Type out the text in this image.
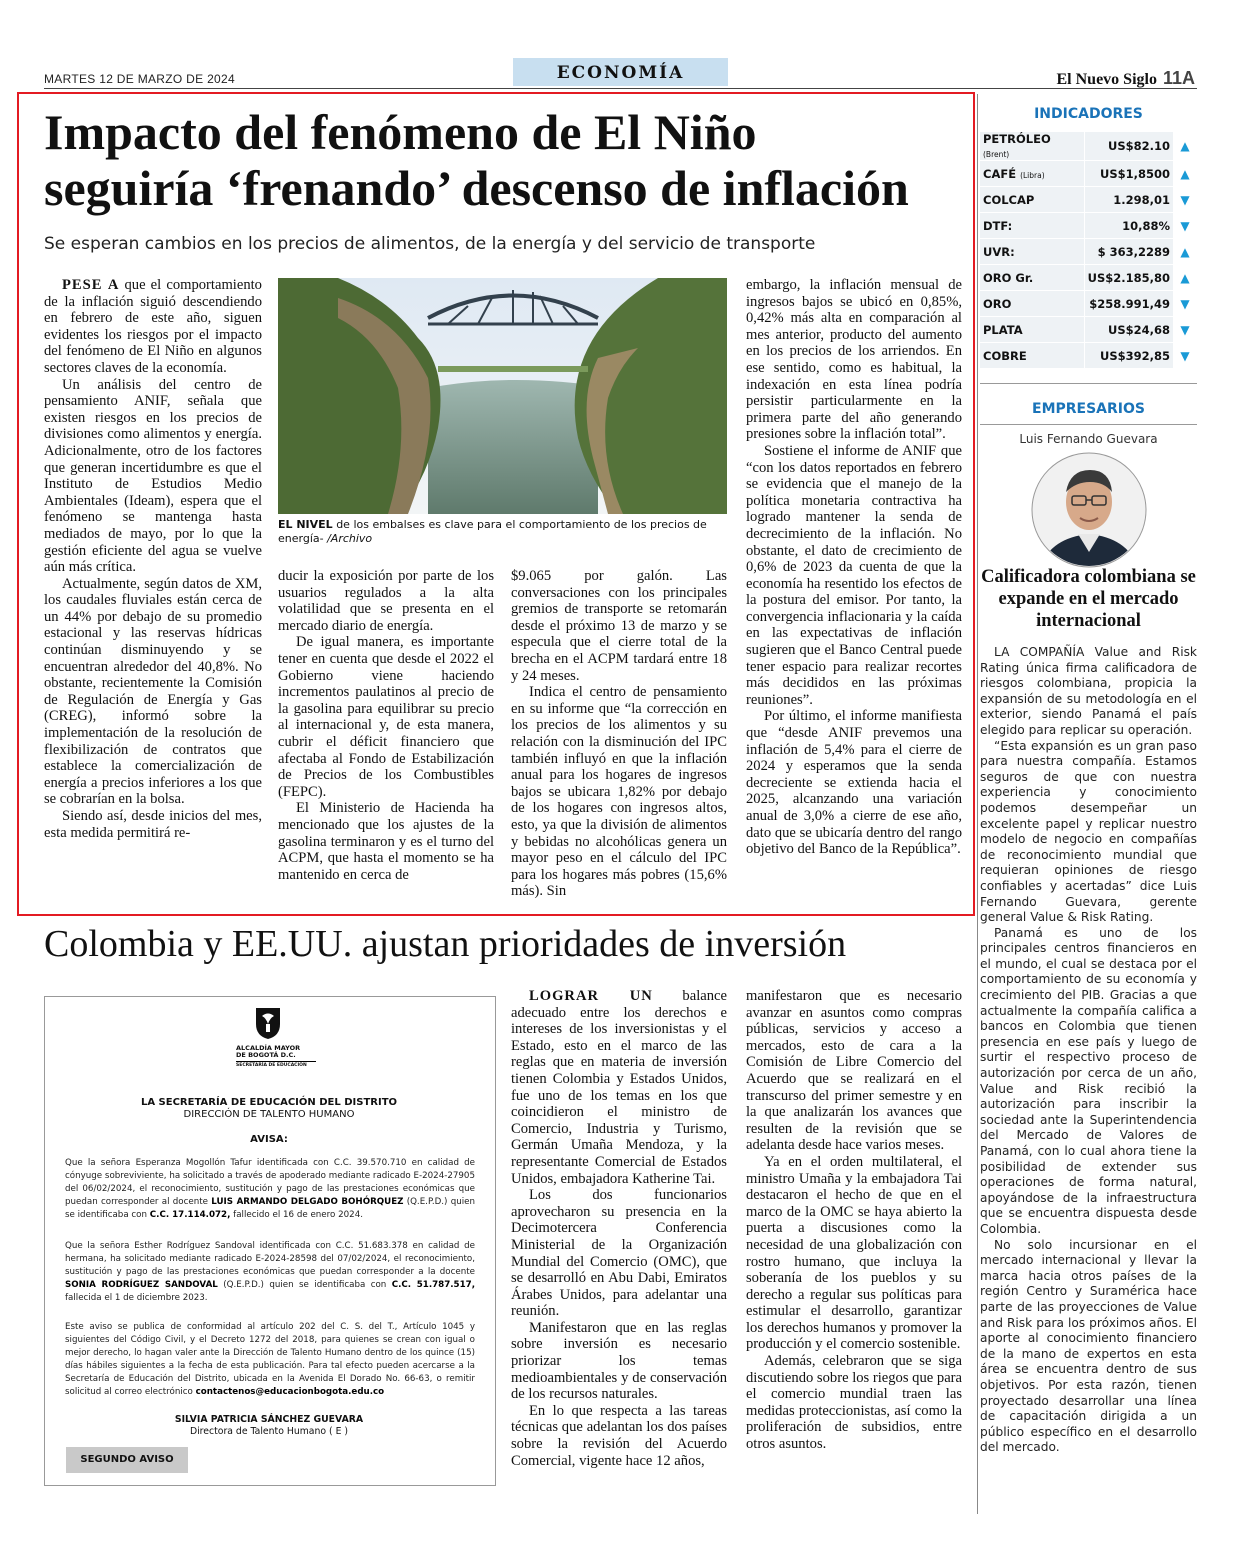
MARTES 12 DE MARZO DE 2024	ECONOMÍA	El Nuevo Siglo 11A
Impacto del fenómeno de El Niño
seguiría ‘frenando’ descenso de inflación
Se esperan cambios en los precios de alimentos, de la energía y del servicio de transporte

PESE A que el comportamiento de la inflación siguió descendiendo en febrero de este año, siguen evidentes los riesgos por el impacto del fenómeno de El Niño en algunos sectores claves de la economía.

Un análisis del centro de pensamiento ANIF, señala que existen riesgos en los precios de divisiones como alimentos y energía. Adicionalmente, otro de los factores que generan incertidumbre es que el Instituto de Estudios Medio Ambientales (Ideam), espera que el fenómeno se mantenga hasta mediados de mayo, por lo que la gestión eficiente del agua se vuelve aún más crítica.

Actualmente, según datos de XM, los caudales fluviales están cerca de un 44% por debajo de su promedio estacional y las reservas hídricas continúan disminuyendo y se encuentran alrededor del 40,8%. No obstante, recientemente la Comisión de Regulación de Energía y Gas (CREG), informó sobre la implementación de la resolución de flexibilización de contratos que establece la comercialización de energía a precios inferiores a los que se cobrarían en la bolsa.

Siendo así, desde inicios del mes, esta medida permitirá re-

EL NIVEL de los embalses es clave para el comportamiento de los precios de energía- /Archivo

ducir la exposición por parte de los usuarios regulados a la alta volatilidad que se presenta en el mercado diario de energía.

De igual manera, es importante tener en cuenta que desde el 2022 el Gobierno viene haciendo incrementos paulatinos al precio de la gasolina para equilibrar su precio al internacional y, de esta manera, cubrir el déficit financiero que afectaba al Fondo de Estabilización de Precios de los Combustibles (FEPC).

El Ministerio de Hacienda ha mencionado que los ajustes de la gasolina terminaron y es el turno del ACPM, que hasta el momento se ha mantenido en cerca de

$9.065 por galón. Las conversaciones con los principales gremios de transporte se retomarán desde el próximo 13 de marzo y se especula que el cierre total de la brecha en el ACPM tardará entre 18 y 24 meses.

Indica el centro de pensamiento en su informe que “la corrección en los precios de los alimentos y su relación con la disminución del IPC también influyó en que la inflación anual para los hogares de ingresos bajos se ubicara 1,82% por debajo de los hogares con ingresos altos, esto, ya que la división de alimentos y bebidas no alcohólicas genera un mayor peso en el cálculo del IPC para los hogares más pobres (15,6% más). Sin

embargo, la inflación mensual de ingresos bajos se ubicó en 0,85%, 0,42% más alta en comparación al mes anterior, producto del aumento en los precios de los arriendos. En ese sentido, como es habitual, la indexación en esta línea podría persistir particularmente en la primera parte del año generando presiones sobre la inflación total”.

Sostiene el informe de ANIF que “con los datos reportados en febrero se evidencia que el manejo de la política monetaria contractiva ha logrado mantener la senda de decrecimiento de la inflación. No obstante, el dato de crecimiento de 0,6% de 2023 da cuenta de que la economía ha resentido los efectos de la postura del emisor. Por tanto, la convergencia inflacionaria y la caída en las expectativas de inflación sugieren que el Banco Central puede tener espacio para realizar recortes más decididos en las próximas reuniones”.

Por último, el informe manifiesta que “desde ANIF prevemos una inflación de 5,4% para el cierre de 2024 y esperamos que la senda decreciente se extienda hacia el 2025, alcanzando una variación anual de 3,0% a cierre de ese año, dato que se ubicaría dentro del rango objetivo del Banco de la República”.

INDICADORES
PETRÓLEO (Brent)	US$82.10	▲
CAFÉ (Libra)	US$1,8500	▲
COLCAP	1.298,01	▼
DTF:	10,88%	▼
UVR:	$ 363,2289	▲
ORO Gr.	US$2.185,80	▲
ORO	$258.991,49	▼
PLATA	US$24,68	▼
COBRE	US$392,85	▼
EMPRESARIOS
Luis Fernando Guevara
Calificadora colombiana se expande en el mercado internacional

LA COMPAÑÍA Value and Risk Rating única firma calificadora de riesgos colombiana, propicia la expansión de su metodología en el exterior, siendo Panamá el país elegido para replicar su operación.

“Esta expansión es un gran paso para nuestra compañía. Estamos seguros de que con nuestra experiencia y conocimiento podemos desempeñar un excelente papel y replicar nuestro modelo de negocio en compañías de reconocimiento mundial que requieran opiniones de riesgo confiables y acertadas” dice Luis Fernando Guevara, gerente general Value & Risk Rating.

Panamá es uno de los principales centros financieros en el mundo, el cual se destaca por el comportamiento de su economía y crecimiento del PIB. Gracias a que actualmente la compañía califica a bancos en Colombia que tienen presencia en ese país y luego de surtir el respectivo proceso de autorización por cerca de un año, Value and Risk recibió la autorización para inscribir la sociedad ante la Superintendencia del Mercado de Valores de Panamá, con lo cual ahora tiene la posibilidad de extender sus operaciones de forma natural, apoyándose de la infraestructura que se encuentra dispuesta desde Colombia.

No solo incursionar en el mercado internacional y llevar la marca hacia otros países de la región Centro y Suramérica hace parte de las proyecciones de Value and Risk para los próximos años. El aporte al conocimiento financiero de la mano de expertos en esta área se encuentra dentro de sus objetivos. Por esta razón, tienen proyectado desarrollar una línea de capacitación dirigida a un público específico en el desarrollo del mercado.

Colombia y EE.UU. ajustan prioridades de inversión
ALCALDÍA MAYOR
DE BOGOTÁ D.C.
SECRETARÍA DE EDUCACIÓN
LA SECRETARÍA DE EDUCACIÓN DEL DISTRITO
DIRECCIÓN DE TALENTO HUMANO
AVISA:
Que la señora Esperanza Mogollón Tafur identificada con C.C. 39.570.710 en calidad de cónyuge sobreviviente, ha solicitado a través de apoderado mediante radicado E-2024-27905 del 06/02/2024, el reconocimiento, sustitución y pago de las prestaciones económicas que puedan corresponder al docente LUIS ARMANDO DELGADO BOHÓRQUEZ (Q.E.P.D.) quien se identificaba con C.C. 17.114.072, fallecido el 16 de enero 2024.
Que la señora Esther Rodríguez Sandoval identificada con C.C. 51.683.378 en calidad de hermana, ha solicitado mediante radicado E-2024-28598 del 07/02/2024, el reconocimiento, sustitución y pago de las prestaciones económicas que puedan corresponder a la docente SONIA RODRÍGUEZ SANDOVAL (Q.E.P.D.) quien se identificaba con C.C. 51.787.517, fallecida el 1 de diciembre 2023.
Este aviso se publica de conformidad al artículo 202 del C. S. del T., Artículo 1045 y siguientes del Código Civil, y el Decreto 1272 del 2018, para quienes se crean con igual o mejor derecho, lo hagan valer ante la Dirección de Talento Humano dentro de los quince (15) días hábiles siguientes a la fecha de esta publicación. Para tal efecto pueden acercarse a la Secretaría de Educación del Distrito, ubicada en la Avenida El Dorado No. 66-63, o remitir solicitud al correo electrónico contactenos@educacionbogota.edu.co
SILVIA PATRICIA SÁNCHEZ GUEVARA
Directora de Talento Humano ( E )
SEGUNDO AVISO

LOGRAR UN balance adecuado entre los derechos e intereses de los inversionistas y el Estado, esto en el marco de las reglas que en materia de inversión tienen Colombia y Estados Unidos, fue uno de los temas en los que coincidieron el ministro de Comercio, Industria y Turismo, Germán Umaña Mendoza, y la representante Comercial de Estados Unidos, embajadora Katherine Tai.

Los dos funcionarios aprovecharon su presencia en la Decimotercera Conferencia Ministerial de la Organización Mundial del Comercio (OMC), que se desarrolló en Abu Dabi, Emiratos Árabes Unidos, para adelantar una reunión.

Manifestaron que en las reglas sobre inversión es necesario priorizar los temas medioambientales y de conservación de los recursos naturales.

En lo que respecta a las tareas técnicas que adelantan los dos países sobre la revisión del Acuerdo Comercial, vigente hace 12 años,

manifestaron que es necesario avanzar en asuntos como compras públicas, servicios y acceso a mercados, esto de cara a la Comisión de Libre Comercio del Acuerdo que se realizará en el transcurso del primer semestre y en la que analizarán los avances que resulten de la revisión que se adelanta desde hace varios meses.

Ya en el orden multilateral, el ministro Umaña y la embajadora Tai destacaron el hecho de que en el marco de la OMC se haya abierto la puerta a discusiones como la necesidad de una globalización con rostro humano, que incluya la soberanía de los pueblos y su derecho a regular sus políticas para estimular el desarrollo, garantizar los derechos humanos y promover la producción y el comercio sostenible.

Además, celebraron que se siga discutiendo sobre los riegos que para el comercio mundial traen las medidas proteccionistas, así como la proliferación de subsidios, entre otros asuntos.
